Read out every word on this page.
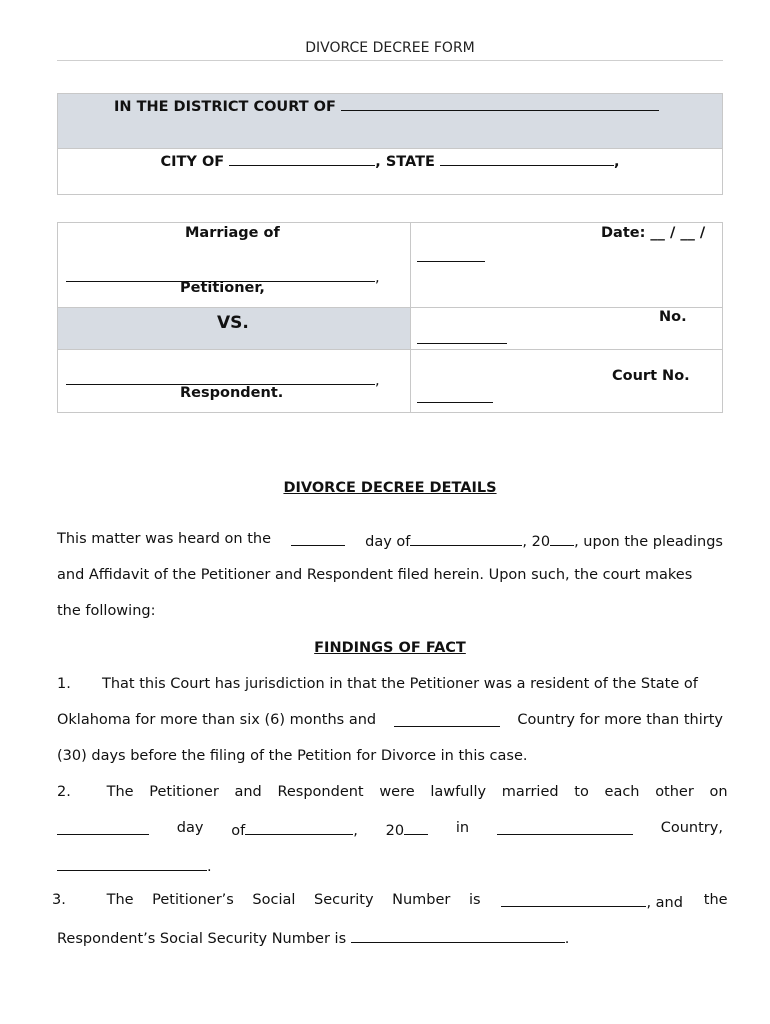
DIVORCE DECREE FORM
IN THE DISTRICT COURT OF

CITY OF	, STATE	,
Marriage of
,
Petitioner,	Date: __ / __ /

VS.	No.

,
Respondent.	Court No.
DIVORCE DECREE DETAILS
This matter was heard on the	day of	, 20 , upon the pleadings
and Affidavit of the Petitioner and Respondent filed herein. Upon such, the court makes
the following:
FINDINGS OF FACT
1. That this Court has jurisdiction in that the Petitioner was a resident of the State of
Oklahoma for more than six (6) months and	Country for more than thirty
(30) days before the filing of the Petition for Divorce in this case.
2. The Petitioner and Respondent were lawfully married to each other on
day of	, 20	in	Country,
.
3.	The Petitioner’s Social Security Number is	, and the
Respondent’s Social Security Number is	.
